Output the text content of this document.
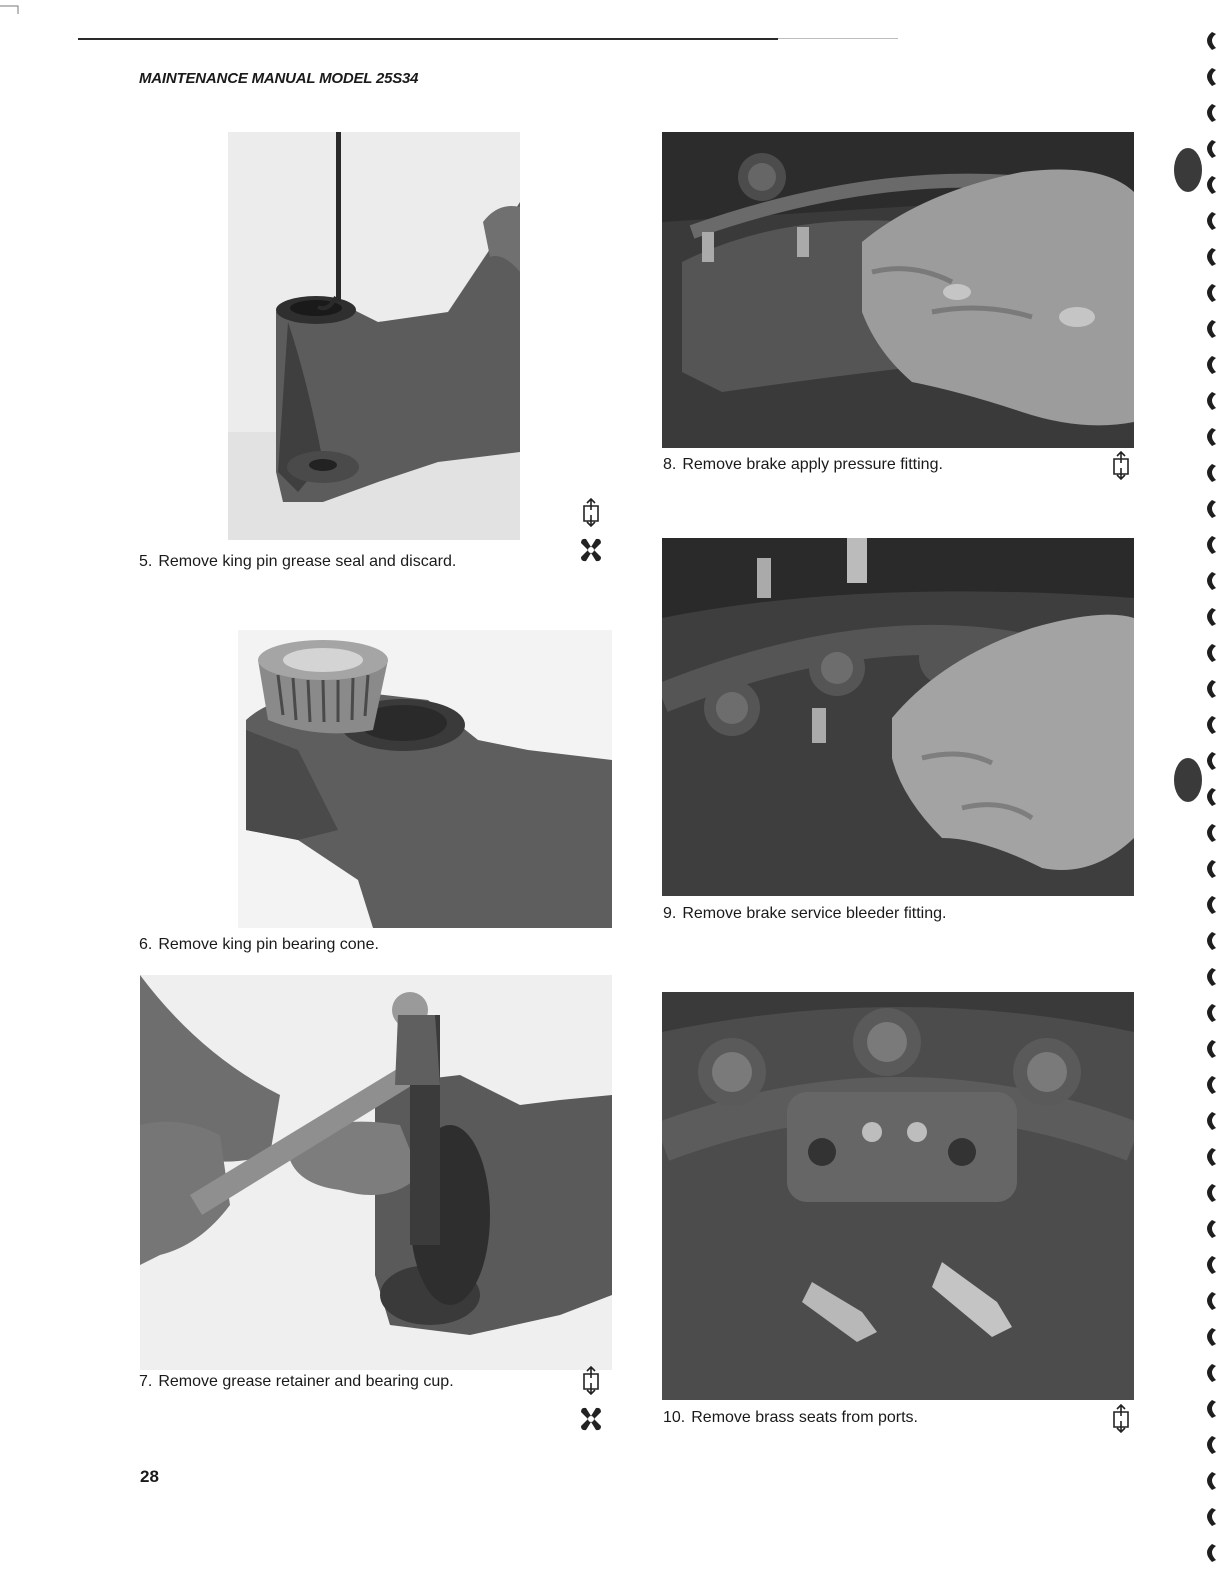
MAINTENANCE MANUAL MODEL 25S34
5. Remove king pin grease seal and discard.
6. Remove king pin bearing cone.
7. Remove grease retainer and bearing cup.
8. Remove brake apply pressure fitting.
9. Remove brake service bleeder fitting.
10. Remove brass seats from ports.
28
